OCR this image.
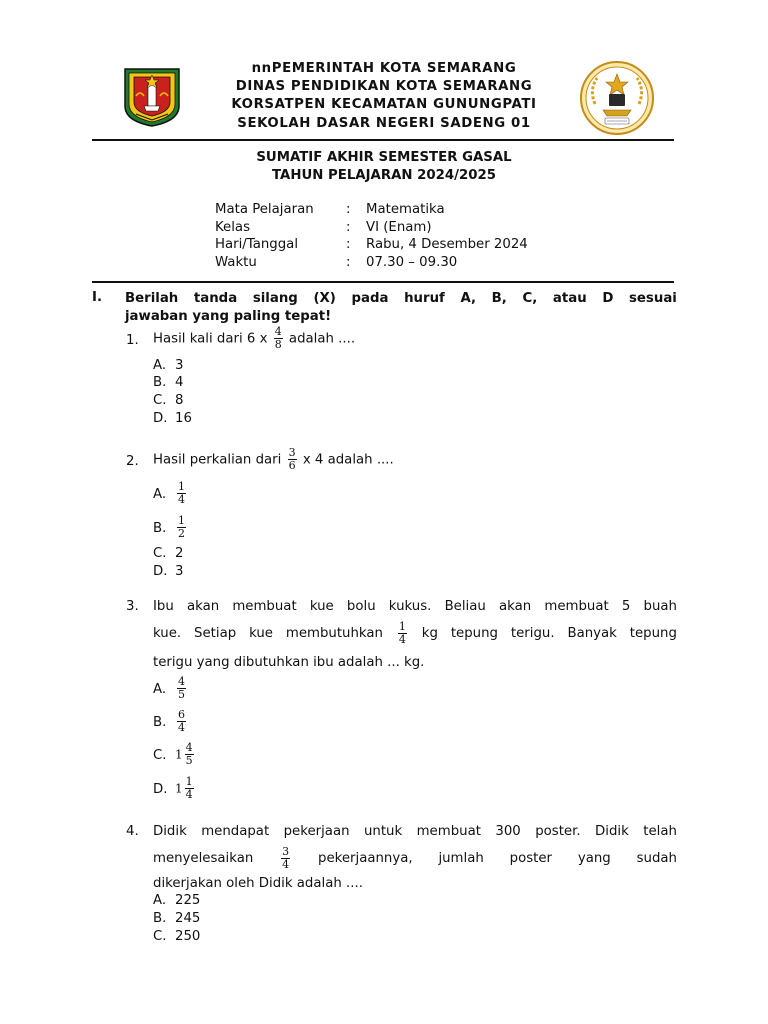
nnPEMERINTAH KOTA SEMARANG
DINAS PENDIDIKAN KOTA SEMARANG
KORSATPEN KECAMATAN GUNUNGPATI
SEKOLAH DASAR NEGERI SADENG 01
SUMATIF AKHIR SEMESTER GASAL
TAHUN PELAJARAN 2024/2025
Mata Pelajaran	:	Matematika
Kelas	:	VI (Enam)
Hari/Tanggal	:	Rabu, 4 Desember 2024
Waktu	:	07.30 – 09.30
I. Berilah tanda silang (X) pada huruf A, B, C, atau D sesuai
jawaban yang paling tepat!
1. Hasil kali dari 6 x $\frac{4}{8}$ adalah ....
A. 3
B. 4
C. 8
D. 16
2. Hasil perkalian dari $\frac{3}{6}$ x 4 adalah ....
A. $\frac{1}{4}$
B. $\frac{1}{2}$
C. 2
D. 3
3. Ibu akan membuat kue bolu kukus. Beliau akan membuat 5 buah
kue. Setiap kue membutuhkan $\frac{1}{4}$ kg tepung terigu. Banyak tepung
terigu yang dibutuhkan ibu adalah ... kg.
A. $\frac{4}{5}$
B. $\frac{6}{4}$
C. $1 \frac{4}{5}$
D. $1 \frac{1}{4}$
4. Didik mendapat pekerjaan untuk membuat 300 poster. Didik telah
menyelesaikan	$\frac{3}{4}$ pekerjaannya, jumlah poster yang sudah
dikerjakan oleh Didik adalah ....
A. 225
B. 245
C. 250
